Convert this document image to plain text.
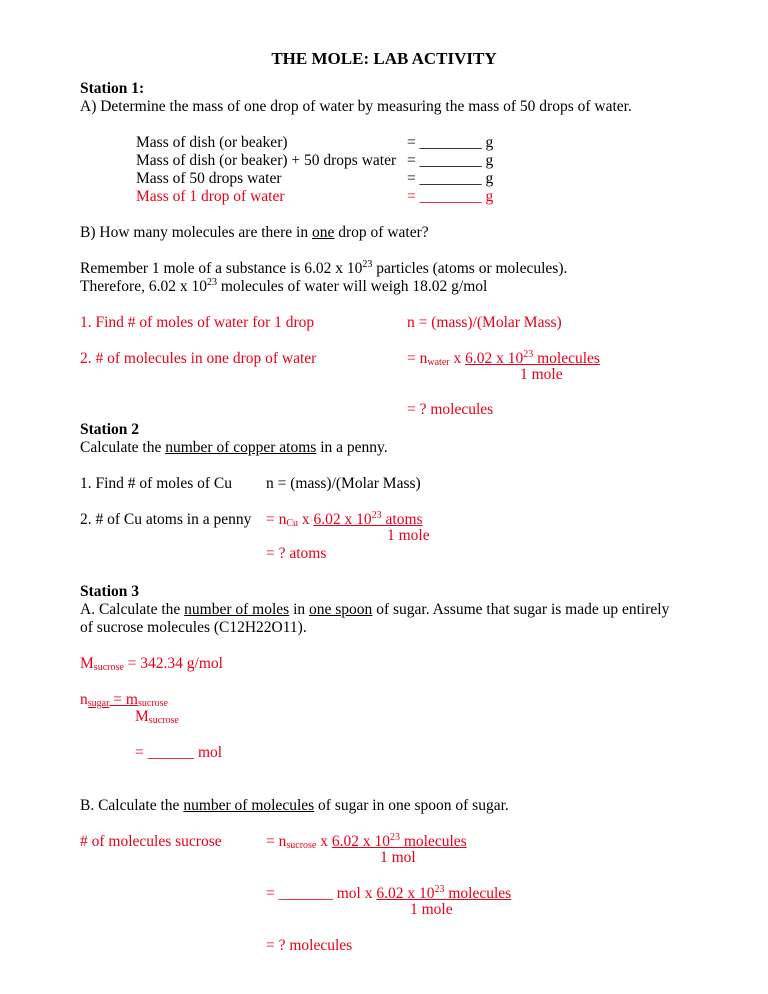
THE MOLE: LAB ACTIVITY
Station 1:
A) Determine the mass of one drop of water by measuring the mass of 50 drops of water.
Mass of dish (or beaker)	= ________ g
Mass of dish (or beaker) + 50 drops water = ________ g
Mass of 50 drops water	= ________ g
Mass of 1 drop of water	= ________ g
B) How many molecules are there in one drop of water?
Remember 1 mole of a substance is 6.02 x $10^{23}$ particles (atoms or molecules).
Therefore, 6.02 x $10^{23}$ molecules of water will weigh 18.02 g/mol
1. Find # of moles of water for 1 drop	n = (mass)/(Molar Mass)
2. # of molecules in one drop of water	= $n_{water}$ x 6.02 x $10^{23}$ molecules
1 mole
= ? molecules
Station 2
Calculate the number of copper atoms in a penny.
1. Find # of moles of Cu n = (mass)/(Molar Mass)
2. # of Cu atoms in a penny = $n_{Cu}$ x 6.02 x $10^{23}$ atoms
1 mole
= ? atoms
Station 3
A. Calculate the number of moles in one spoon of sugar. Assume that sugar is made up entirely
of sucrose molecules (C12H22O11).
$M_{sucrose} = 342.34$ g/mol
$n_{sugar} = m_{sucrose}$
$M_{sucrose}$
= ______ mol
B. Calculate the number of molecules of sugar in one spoon of sugar.
# of molecules sucrose	= $n_{sucrose}$ x 6.02 x $10^{23}$ molecules
1 mol
= _______ mol x 6.02 x $10^{23}$ molecules
1 mole
= ? molecules
